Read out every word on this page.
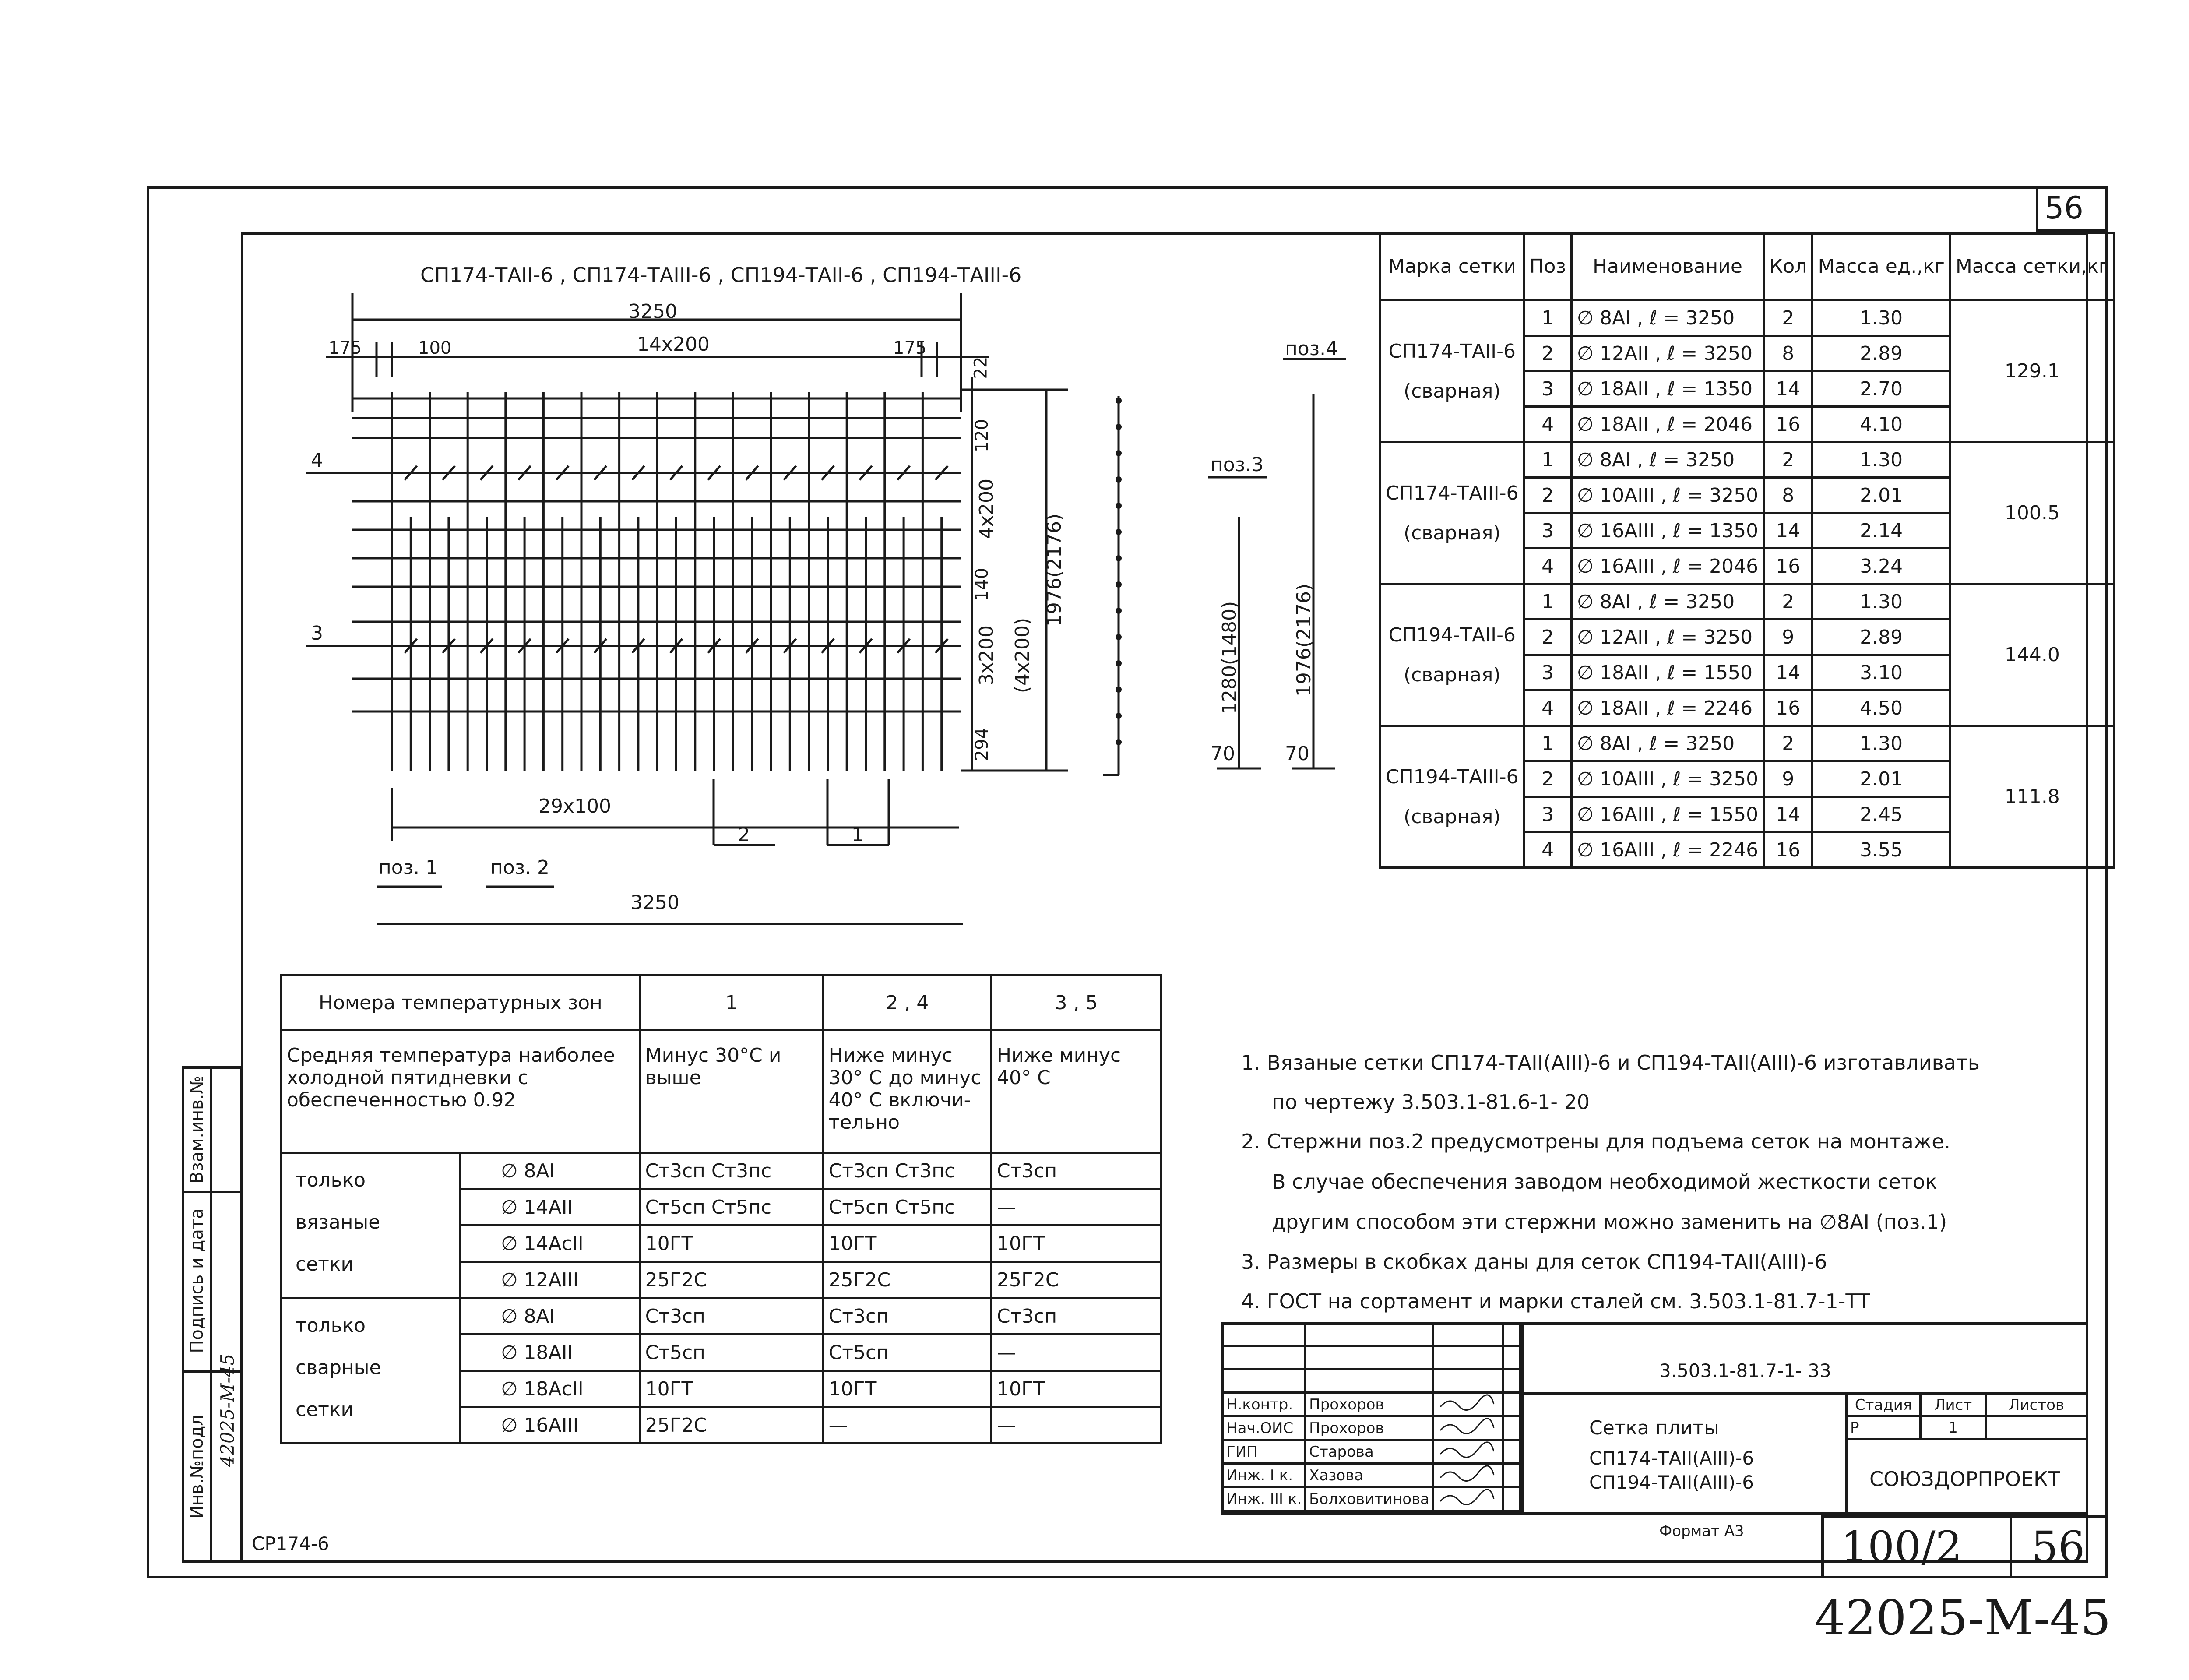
56
СП174-ТАII-6 , СП174-ТАIII-6 , СП194-ТАII-6 , СП194-ТАIII-6
3250
175	100	14х200	175
22
120
4х200
140
3х200 (4х200)
294
1976(2176)
29х100
3250
4
3
2	1
поз. 1	поз. 2
поз.3
поз.4
1280(1480)	1976(2176)
70	70
Марка сетки	Поз	Наименование	Кол	Масса ед.,кг	Масса сетки,кг

СП174-ТАII-6
(сварная)	1	∅ 8АI , ℓ = 3250	2	1.30	129.1
	2	∅ 12АII , ℓ = 3250	8	2.89	
	3	∅ 18АII , ℓ = 1350	14	2.70	
	4	∅ 18АII , ℓ = 2046	16	4.10	

СП174-ТАIII-6
(сварная)	1	∅ 8АI , ℓ = 3250	2	1.30	100.5
	2	∅ 10АIII , ℓ = 3250	8	2.01	
	3	∅ 16АIII , ℓ = 1350	14	2.14	
	4	∅ 16АIII , ℓ = 2046	16	3.24	

СП194-ТАII-6
(сварная)	1	∅ 8АI , ℓ = 3250	2	1.30	144.0
	2	∅ 12АII , ℓ = 3250	9	2.89	
	3	∅ 18АII , ℓ = 1550	14	3.10	
	4	∅ 18АII , ℓ = 2246	16	4.50	

СП194-ТАIII-6
(сварная)	1	∅ 8АI , ℓ = 3250	2	1.30	111.8
	2	∅ 10АIII , ℓ = 3250	9	2.01	
	3	∅ 16АIII , ℓ = 1550	14	2.45	
	4	∅ 16АIII , ℓ = 2246	16	3.55	
Номера температурных зон		1	2 , 4	3 , 5
Средняя температура наиболее холодной пятидневки с обеспеченностью 0.92		Минус 30°С и выше	Ниже минус 30° С до минус 40° С включи- тельно	Ниже минус 40° С

только
вязаные
сетки	∅ 8АI	Ст3сп Ст3пс	Ст3сп Ст3пс	Ст3сп
	∅ 14АII	Ст5сп Ст5пс	Ст5сп Ст5пс	—
	∅ 14АсII	10ГТ	10ГТ	10ГТ
	∅ 12АIII	25Г2С	25Г2С	25Г2С

только
сварные
сетки	∅ 8АI	Ст3сп	Ст3сп	Ст3сп
	∅ 18АII	Ст5сп	Ст5сп	—
	∅ 18АсII	10ГТ	10ГТ	10ГТ
	∅ 16АIII	25Г2С	—	—
1. Вязаные сетки СП174-ТАII(АIII)-6 и СП194-ТАII(АIII)-6 изготавливать
по чертежу 3.503.1-81.6-1- 20
2. Стержни поз.2 предусмотрены для подъема сеток на монтаже.
В случае обеспечения заводом необходимой жесткости сеток
другим способом эти стержни можно заменить на ∅8АI (поз.1)
3. Размеры в скобках даны для сеток СП194-ТАII(АIII)-6
4. ГОСТ на сортамент и марки сталей см. 3.503.1-81.7-1-ТТ
Взам.инв.№
Подпись и дата
Инв.№подл 42025-М-45	3.503.1-81.7-1- 33

Н.контр.	Прохоров		
Нач.ОИС	Прохоров		
ГИП	Старова		
Инж. I к.	Хазова		
Инж. III к.	Болховитинова		
Сетка плиты
СП174-ТАII(АIII)-6
СП194-ТАII(АIII)-6
Стадия	Лист	Листов
Р	1	
СОЮЗДОРПРОЕКТ
Формат А3 100/2 56
СР174-6
42025-М-45
